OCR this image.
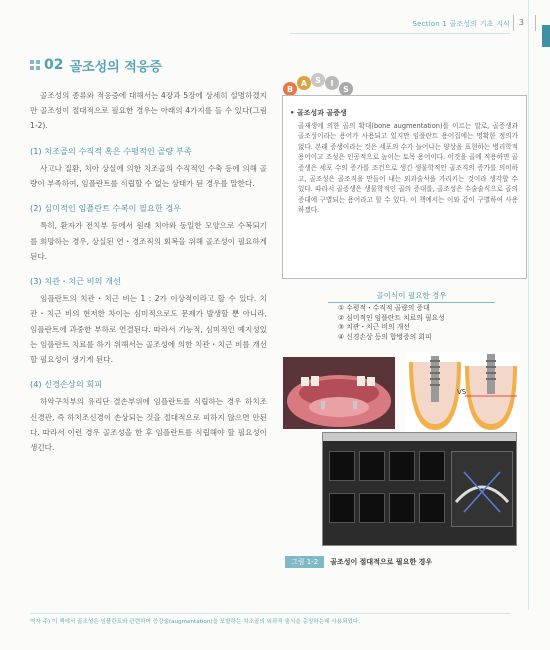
Section 1 골조성의 기초 지식 3
02 골조성의 적응증

골조성의 종류와 적응증에 대해서는 4장과 5장에 상세히 설명하겠지만 골조성이 절대적으로 필요한 경우는 아래의 4가지를 들 수 있다(그림 1-2).

(1) 치조골의 수직적 혹은 수평적인 골량 부족

사고나 질환, 치아 상실에 의한 치조골의 수직적인 수축 등에 의해 골량이 부족하여, 임플란트를 식립할 수 없는 상태가 된 경우를 말한다.

(2) 심미적인 임플란트 수복이 필요한 경우

특히, 환자가 전치부 등에서 원래 치아와 동일한 모양으로 수복되기를 희망하는 경우, 상실된 연・경조직의 회복을 위해 골조성이 필요하게 된다.

(3) 치관・치근 비의 개선

임플란트의 치관・치근 비는 1 : 2가 이상적이라고 할 수 있다. 치관・치근 비의 현저한 차이는 심미적으로도 문제가 발생할 뿐 아니라, 임플란트에 과중한 부하로 연결된다. 따라서 기능적, 심미적인 예지성있는 임플란트 치료를 하기 위해서는 골조성에 의한 치관・치근 비를 개선할 필요성이 생기게 된다.

(4) 신경손상의 회피

하악구치부의 유리단 결손부위에 임플란트를 식립하는 경우 하치조신경관, 즉 하치조신경이 손상되는 것을 절대적으로 피하지 않으면 안된다. 따라서 이런 경우 골조성을 한 후 임플란트를 식립해야 할 필요성이 생긴다.

B
A	S	I
S
• 골조성과 골증생

골재생에 의한 골의 확대(bone augmentation)를 이르는 말로, 골증생과 골조성이라는 용어가 사용되고 있지만 임플란트 용어집에는 명확한 정의가 없다. 본래 증생이라는 것은 세포의 수가 늘어나는 양상을 표현하는 병리학적 용어이고 조성은 인공적으로 높이는 토목 용어이다. 이것을 골에 적용하면 골증생은 세포 수의 증가를 조건으로 생긴 생물학적인 골조직의 증가를 의미하고, 골조성은 골조직을 만들어 내는 외과술식을 가리키는 것이라 생각할 수 있다. 따라서 골증생은 생물학적인 골의 증대를, 골조성은 수술술식으로 골의 증대에 구별되는 용어라고 할 수 있다. 이 책에서는 이와 같이 구별하여 사용하겠다.

골이식이 필요한 경우
① 수평적・수직적 골량의 증대
② 심미적인 임플란트 치료의 필요성
③ 치관・치근 비의 개선
④ 신경손상 등의 합병증의 회피
VS
그림 1-2	골조성이 절대적으로 필요한 경우
역자 주) 이 책에서 골조성은 임플란트와 관련하여 증강술(augmentation)을 포함하는 치조골의 외과적 술식을 총칭하는데 사용되었다.
